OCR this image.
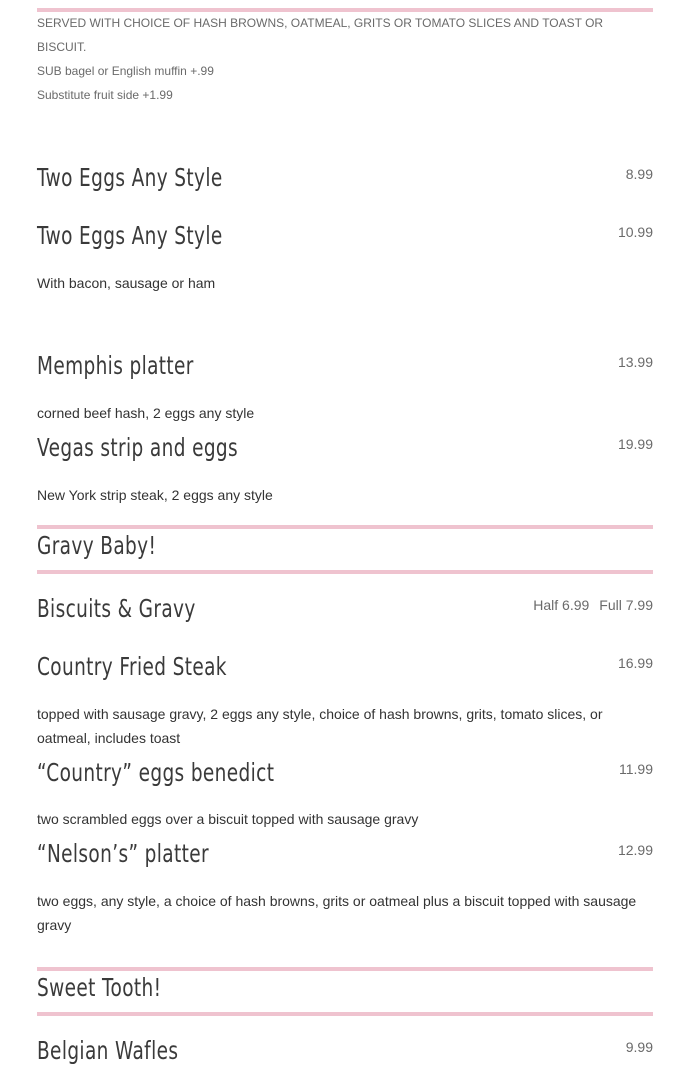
SERVED WITH CHOICE OF HASH BROWNS, OATMEAL, GRITS OR TOMATO SLICES AND TOAST OR BISCUIT.
SUB bagel or English muffin +.99
Substitute fruit side +1.99
Two Eggs Any Style	8.99
Two Eggs Any Style	10.99
With bacon, sausage or ham
Memphis platter	13.99
corned beef hash, 2 eggs any style
Vegas strip and eggs	19.99
New York strip steak, 2 eggs any style
Gravy Baby!
Biscuits & Gravy	Half 6.99 Full 7.99
Country Fried Steak	16.99
topped with sausage gravy, 2 eggs any style, choice of hash browns, grits, tomato slices, or oatmeal, includes toast
“Country” eggs benedict	11.99
two scrambled eggs over a biscuit topped with sausage gravy
“Nelson’s” platter	12.99
two eggs, any style, a choice of hash browns, grits or oatmeal plus a biscuit topped with sausage gravy
Sweet Tooth!
Belgian Wafles	9.99
